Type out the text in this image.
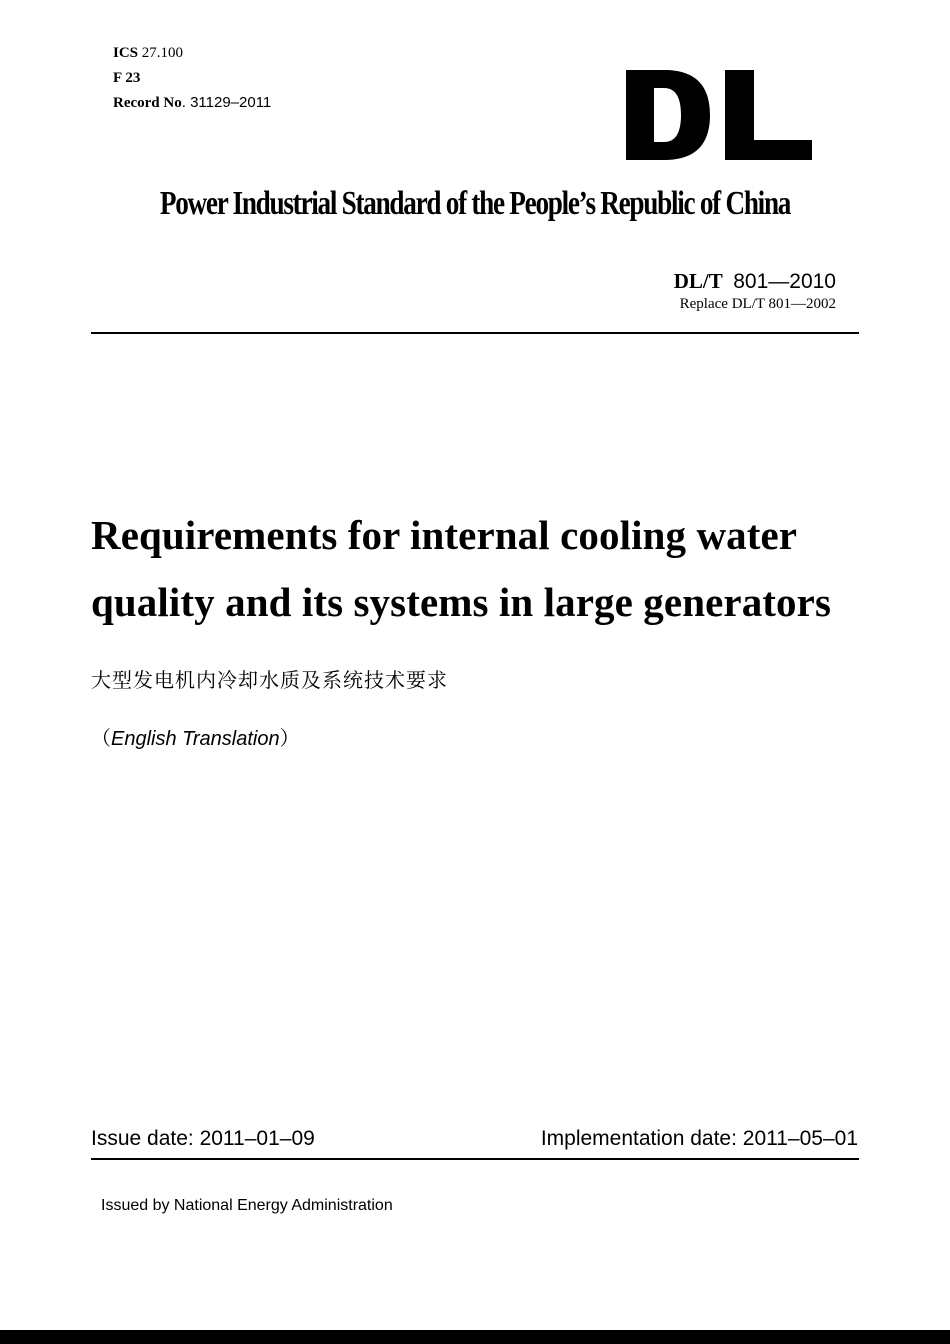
ICS 27.100
F 23
Record No. 31129–2011
Power Industrial Standard of the People’s Republic of China
DL/T 801—2010
Replace DL/T 801—2002
Requirements for internal cooling water
quality and its systems in large generators
大型发电机内冷却水质及系统技术要求
（English Translation）
Issue date: 2011–01–09	Implementation date: 2011–05–01
Issued by National Energy Administration
